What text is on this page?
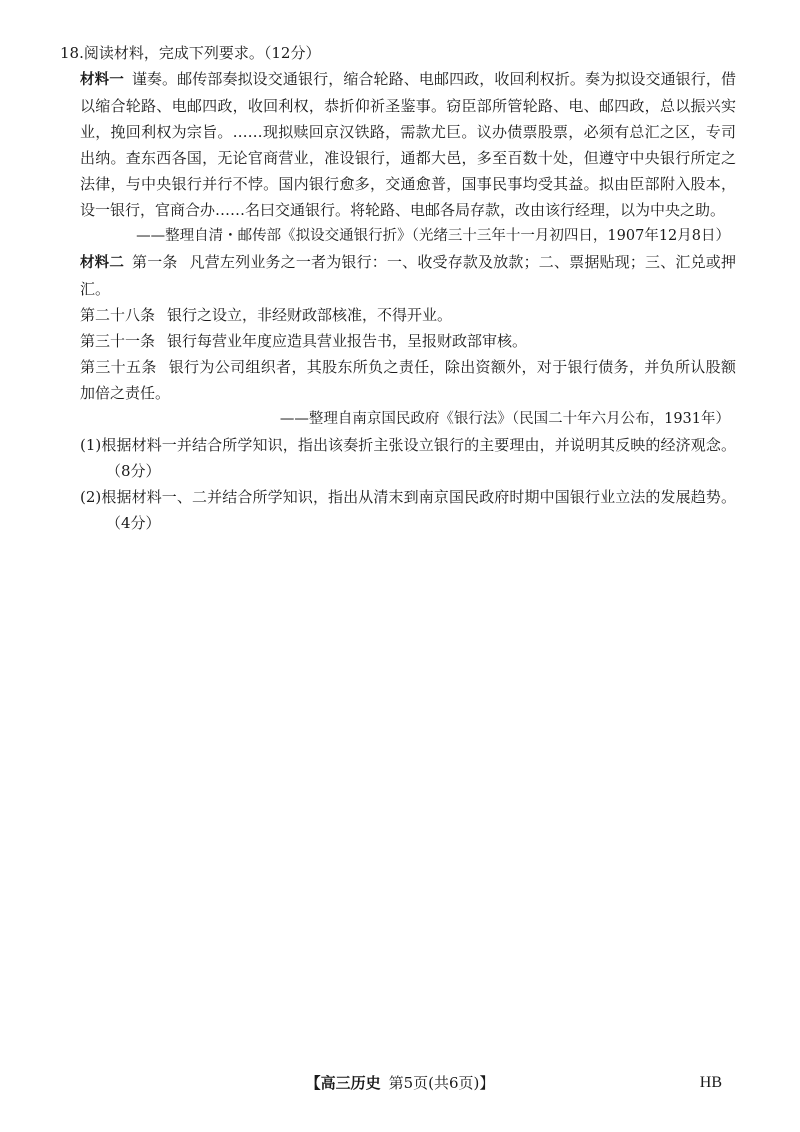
18.阅读材料，完成下列要求。（12分）

材料一 谨奏。邮传部奏拟设交通银行，缩合轮路、电邮四政，收回利权折。奏为拟设交通银行，借以缩合轮路、电邮四政，收回利权，恭折仰祈圣鉴事。窃臣部所管轮路、电、邮四政，总以振兴实业，挽回利权为宗旨。……现拟赎回京汉铁路，需款尤巨。议办债票股票，必须有总汇之区，专司出纳。查东西各国，无论官商营业，准设银行，通都大邑，多至百数十处，但遵守中央银行所定之法律，与中央银行并行不悖。国内银行愈多，交通愈普，国事民事均受其益。拟由臣部附入股本，设一银行，官商合办……名曰交通银行。将轮路、电邮各局存款，改由该行经理，以为中央之助。

——整理自清・邮传部《拟设交通银行折》（光绪三十三年十一月初四日，1907年12月8日）

材料二 第一条 凡营左列业务之一者为银行：一、收受存款及放款；二、票据贴现；三、汇兑或押汇。

第二十八条 银行之设立，非经财政部核准，不得开业。

第三十一条 银行每营业年度应造具营业报告书，呈报财政部审核。

第三十五条 银行为公司组织者，其股东所负之责任，除出资额外，对于银行债务，并负所认股额加倍之责任。

——整理自南京国民政府《银行法》（民国二十年六月公布，1931年）

(1)根据材料一并结合所学知识，指出该奏折主张设立银行的主要理由，并说明其反映的经济观念。（8分）

(2)根据材料一、二并结合所学知识，指出从清末到南京国民政府时期中国银行业立法的发展趋势。（4分）

【高三历史 第5页(共6页)】	HB
